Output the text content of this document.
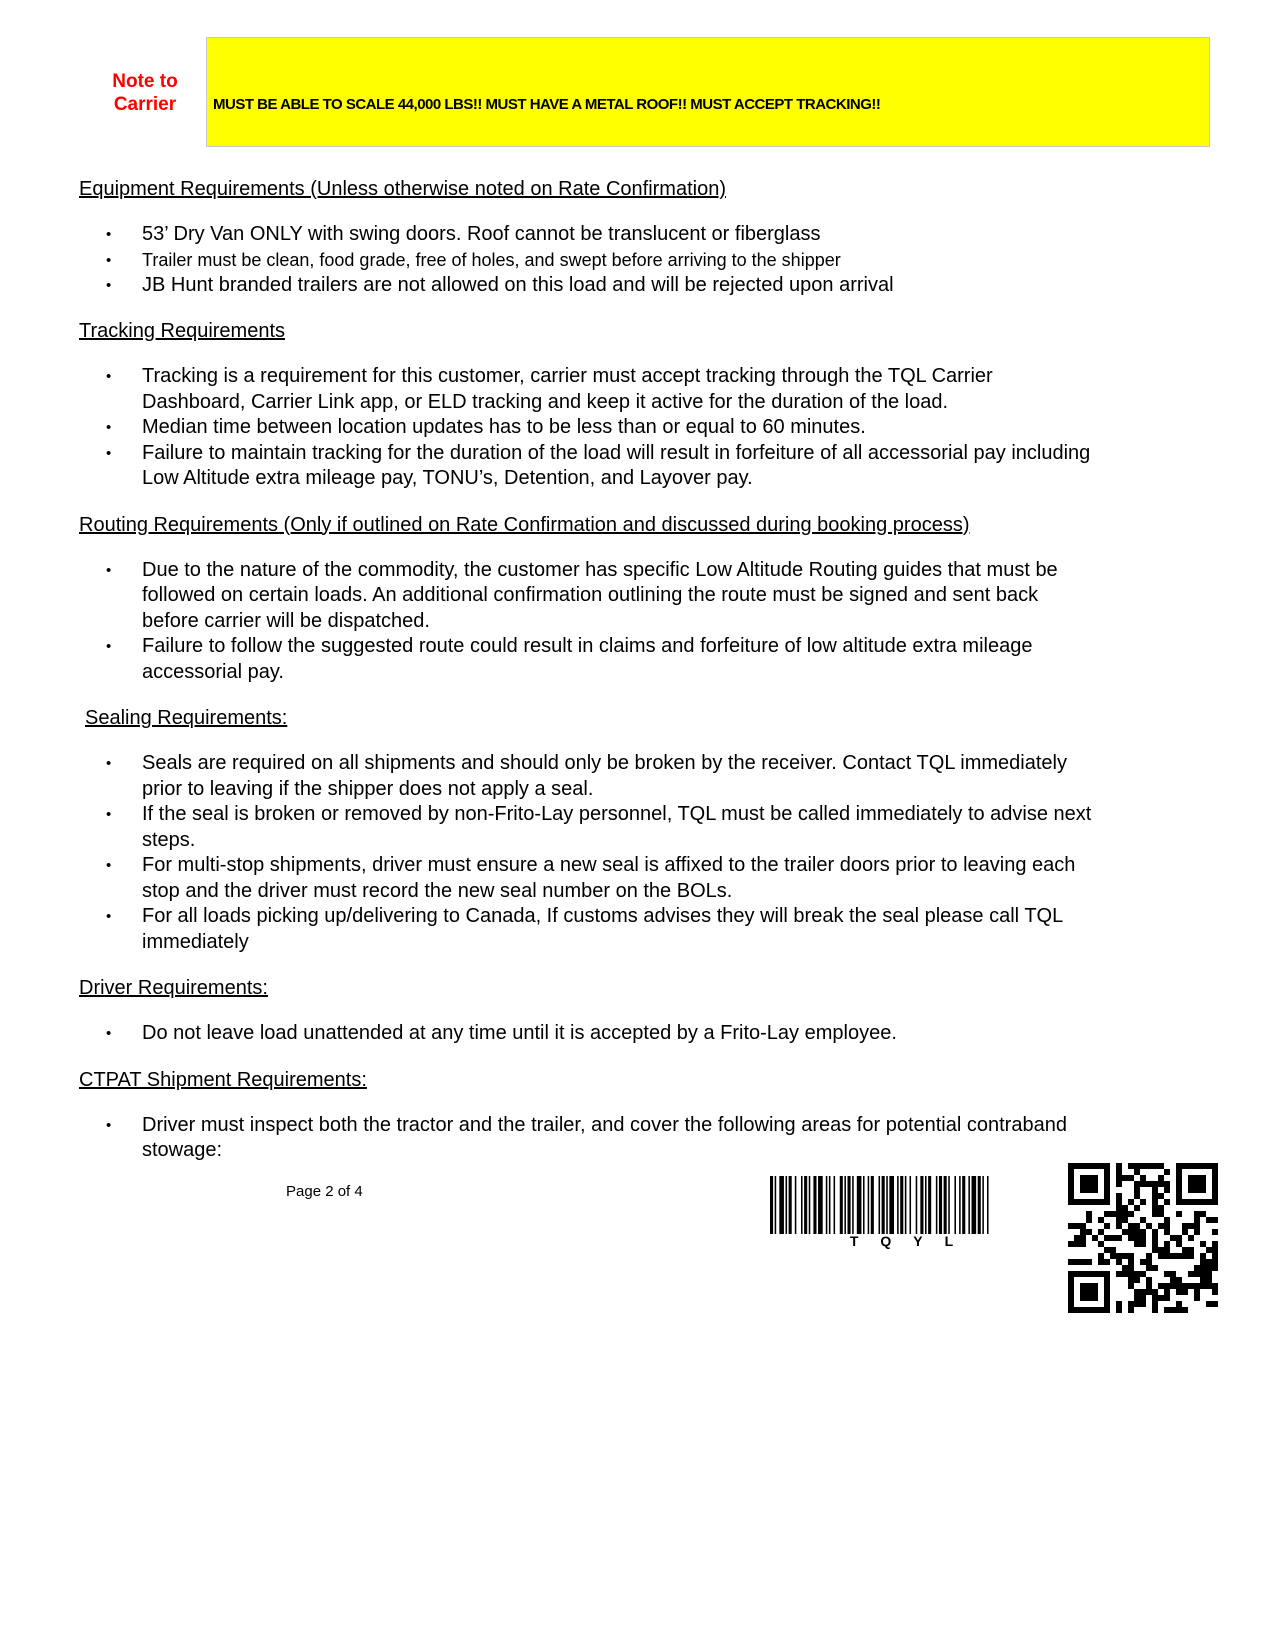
Note to
Carrier	MUST BE ABLE TO SCALE 44,000 LBS!! MUST HAVE A METAL ROOF!! MUST ACCEPT TRACKING!!
Equipment Requirements (Unless otherwise noted on Rate Confirmation)
• 53’ Dry Van ONLY with swing doors. Roof cannot be translucent or fiberglass
• Trailer must be clean, food grade, free of holes, and swept before arriving to the shipper
• JB Hunt branded trailers are not allowed on this load and will be rejected upon arrival
Tracking Requirements
• Tracking is a requirement for this customer, carrier must accept tracking through the TQL Carrier Dashboard, Carrier Link app, or ELD tracking and keep it active for the duration of the load.
• Median time between location updates has to be less than or equal to 60 minutes.
• Failure to maintain tracking for the duration of the load will result in forfeiture of all accessorial pay including Low Altitude extra mileage pay, TONU’s, Detention, and Layover pay.
Routing Requirements (Only if outlined on Rate Confirmation and discussed during booking process)
• Due to the nature of the commodity, the customer has specific Low Altitude Routing guides that must be followed on certain loads. An additional confirmation outlining the route must be signed and sent back before carrier will be dispatched.
• Failure to follow the suggested route could result in claims and forfeiture of low altitude extra mileage accessorial pay.
Sealing Requirements:
• Seals are required on all shipments and should only be broken by the receiver. Contact TQL immediately prior to leaving if the shipper does not apply a seal.
• If the seal is broken or removed by non-Frito-Lay personnel, TQL must be called immediately to advise next steps.
• For multi-stop shipments, driver must ensure a new seal is affixed to the trailer doors prior to leaving each stop and the driver must record the new seal number on the BOLs.
• For all loads picking up/delivering to Canada, If customs advises they will break the seal please call TQL immediately
Driver Requirements:
• Do not leave load unattended at any time until it is accepted by a Frito-Lay employee.
CTPAT Shipment Requirements:
• Driver must inspect both the tractor and the trailer, and cover the following areas for potential contraband stowage:
Page 2 of 4
TQYL
